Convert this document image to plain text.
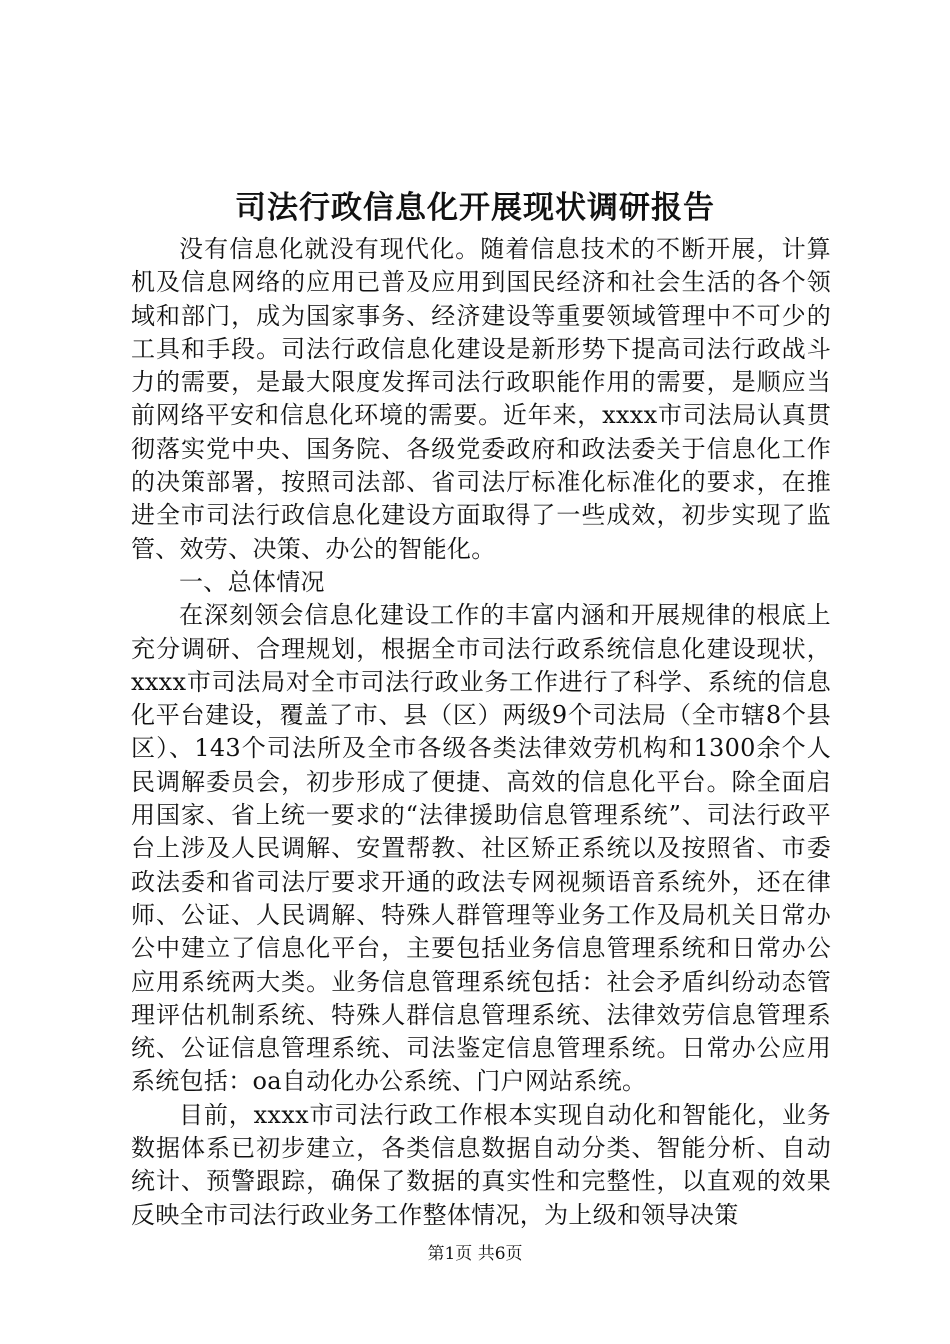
司法行政信息化开展现状调研报告

没有信息化就没有现代化。随着信息技术的不断开展，计算机及信息网络的应用已普及应用到国民经济和社会生活的各个领域和部门，成为国家事务、经济建设等重要领域管理中不可少的工具和手段。司法行政信息化建设是新形势下提高司法行政战斗力的需要，是最大限度发挥司法行政职能作用的需要，是顺应当前网络平安和信息化环境的需要。近年来，xxxx市司法局认真贯彻落实党中央、国务院、各级党委政府和政法委关于信息化工作的决策部署，按照司法部、省司法厅标准化标准化的要求，在推进全市司法行政信息化建设方面取得了一些成效，初步实现了监管、效劳、决策、办公的智能化。

一、总体情况

在深刻领会信息化建设工作的丰富内涵和开展规律的根底上充分调研、合理规划，根据全市司法行政系统信息化建设现状，xxxx市司法局对全市司法行政业务工作进行了科学、系统的信息化平台建设，覆盖了市、县（区）两级9个司法局（全市辖8个县区）、143个司法所及全市各级各类法律效劳机构和1300余个人民调解委员会，初步形成了便捷、高效的信息化平台。除全面启用国家、省上统一要求的“法律援助信息管理系统”、司法行政平台上涉及人民调解、安置帮教、社区矫正系统以及按照省、市委政法委和省司法厅要求开通的政法专网视频语音系统外，还在律师、公证、人民调解、特殊人群管理等业务工作及局机关日常办公中建立了信息化平台，主要包括业务信息管理系统和日常办公应用系统两大类。业务信息管理系统包括：社会矛盾纠纷动态管理评估机制系统、特殊人群信息管理系统、法律效劳信息管理系统、公证信息管理系统、司法鉴定信息管理系统。日常办公应用系统包括：oa自动化办公系统、门户网站系统。

目前，xxxx市司法行政工作根本实现自动化和智能化，业务数据体系已初步建立，各类信息数据自动分类、智能分析、自动统计、预警跟踪，确保了数据的真实性和完整性，以直观的效果反映全市司法行政业务工作整体情况，为上级和领导决策

第1页 共6页
